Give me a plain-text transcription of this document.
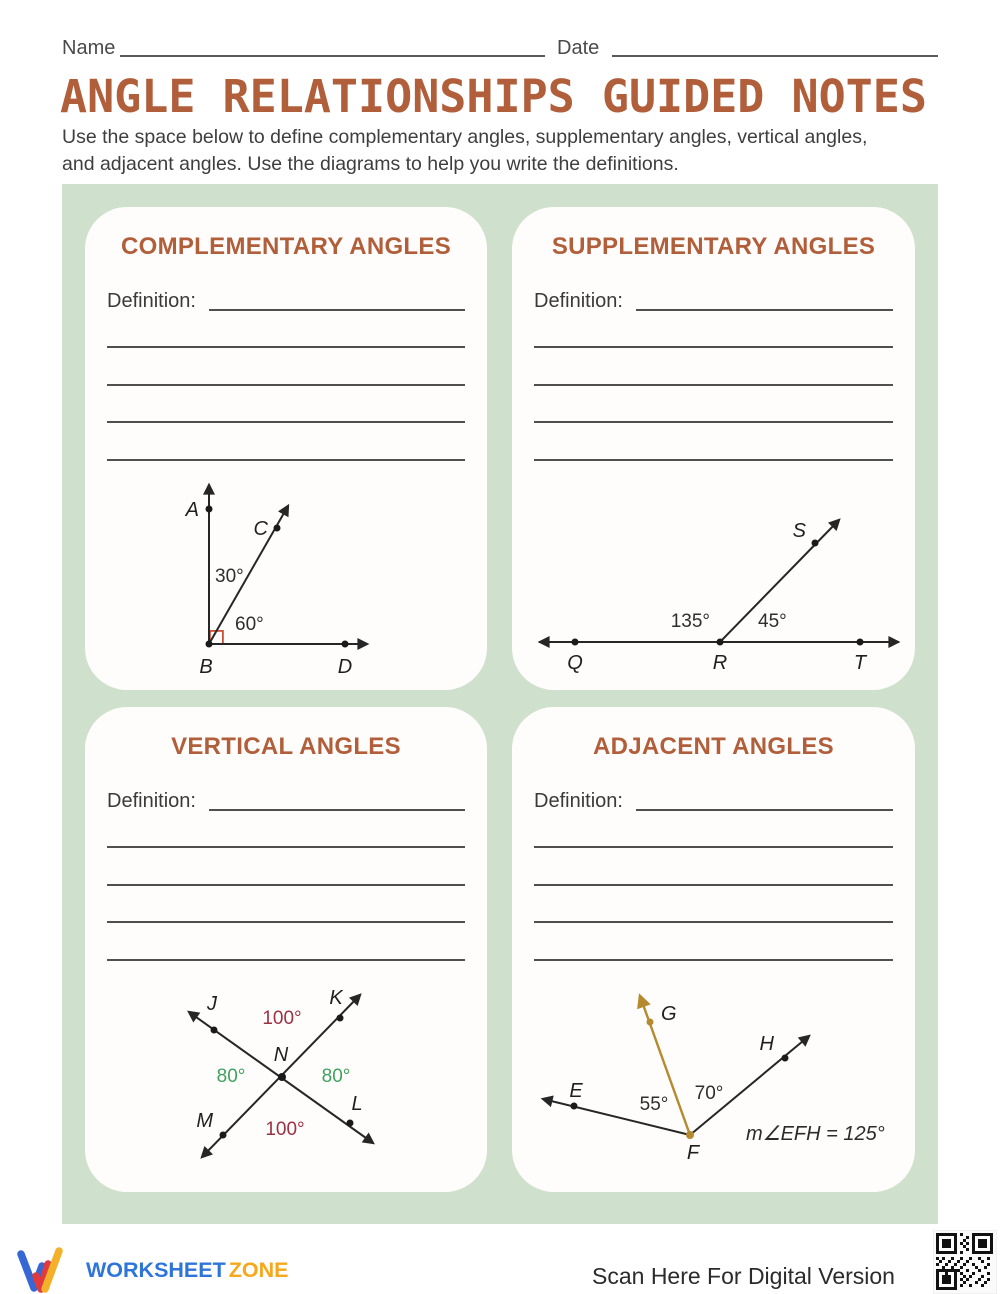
Name	Date
ANGLE RELATIONSHIPS GUIDED NOTES
Use the space below to define complementary angles, supplementary angles, vertical angles,
and adjacent angles. Use the diagrams to help you write the definitions.
COMPLEMENTARY ANGLES
Definition:
A
C
B	D
30°
60°
SUPPLEMENTARY ANGLES
Definition:
Q	R	T
S
135°	45°
VERTICAL ANGLES
Definition:
J	K
L
M
N
100°
80°	80°
100°
ADJACENT ANGLES
Definition:
E
F
G
H
55°
70°
m∠EFH = 125°
WORKSHEET ZONE	Scan Here For Digital Version
